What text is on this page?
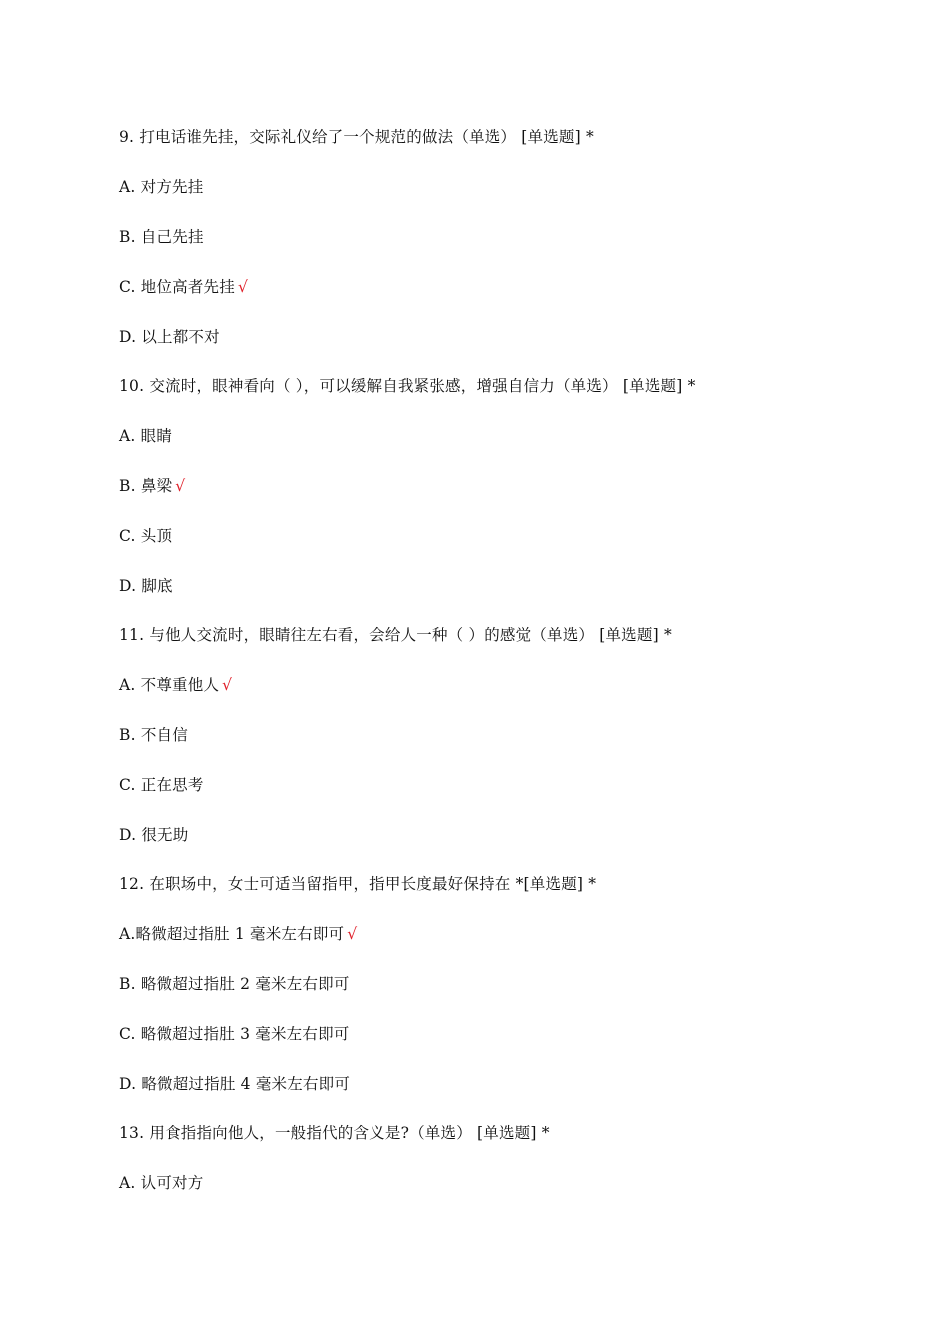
9. 打电话谁先挂，交际礼仪给了一个规范的做法（单选） [单选题] *
A. 对方先挂
B. 自己先挂
C. 地位高者先挂 √
D. 以上都不对
10. 交流时，眼神看向（ ），可以缓解自我紧张感，增强自信力（单选） [单选题] *
A. 眼睛
B. 鼻梁 √
C. 头顶
D. 脚底
11. 与他人交流时，眼睛往左右看，会给人一种（ ）的感觉（单选） [单选题] *
A. 不尊重他人 √
B. 不自信
C. 正在思考
D. 很无助
12. 在职场中，女士可适当留指甲，指甲长度最好保持在 *[单选题] *
A.略微超过指肚 1 毫米左右即可 √
B. 略微超过指肚 2 毫米左右即可
C. 略微超过指肚 3 毫米左右即可
D. 略微超过指肚 4 毫米左右即可
13. 用食指指向他人，一般指代的含义是?（单选） [单选题] *
A. 认可对方
